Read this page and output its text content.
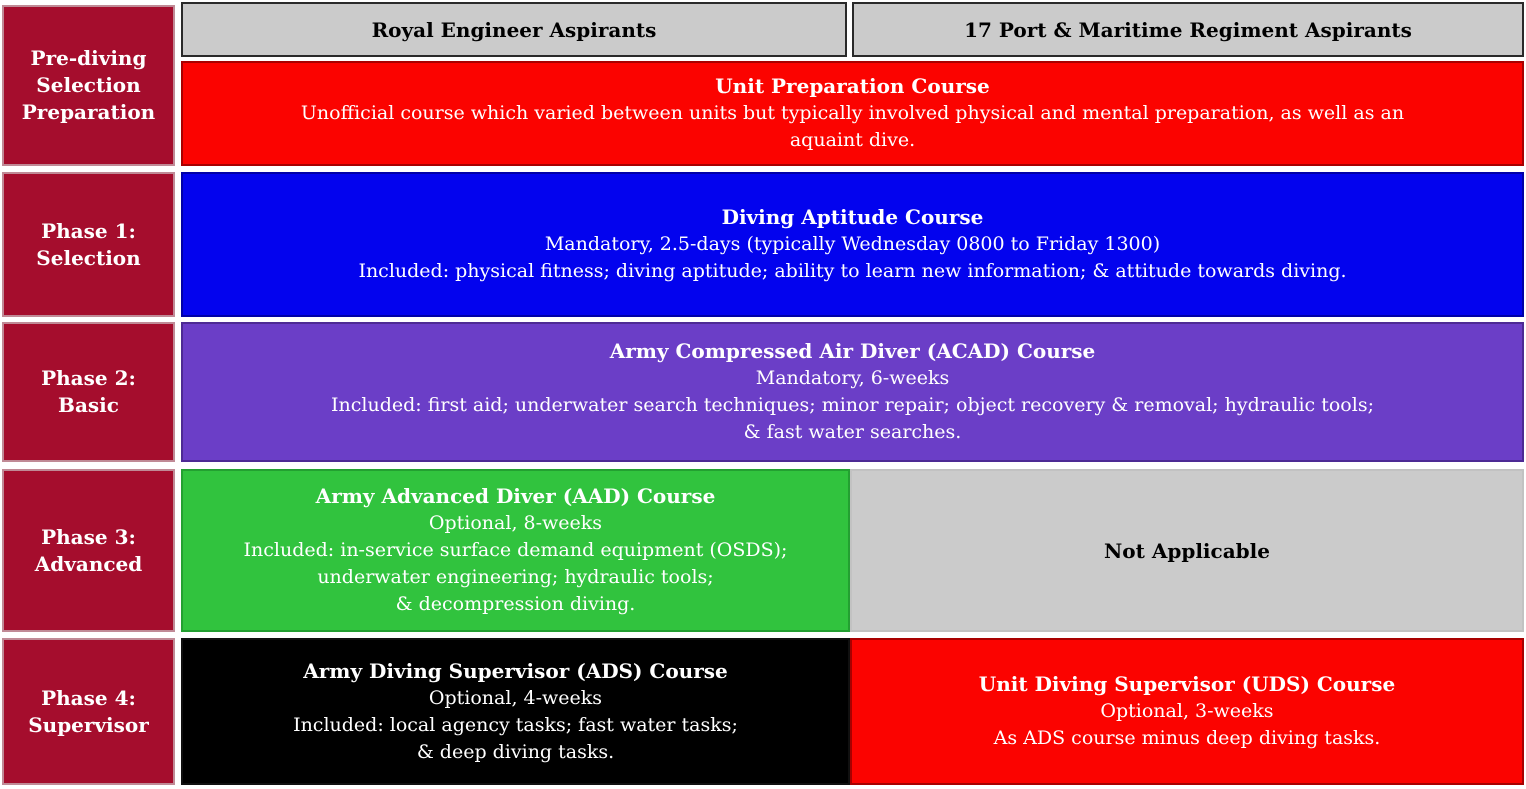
Pre-diving
Selection
Preparation
Phase 1:
Selection
Phase 2:
Basic
Phase 3:
Advanced
Phase 4:
Supervisor
Royal Engineer Aspirants	17 Port & Maritime Regiment Aspirants
Unit Preparation Course
Unofficial course which varied between units but typically involved physical and mental preparation, as well as an
aquaint dive.
Diving Aptitude Course
Mandatory, 2.5-days (typically Wednesday 0800 to Friday 1300)
Included: physical fitness; diving aptitude; ability to learn new information; & attitude towards diving.
Army Compressed Air Diver (ACAD) Course
Mandatory, 6-weeks
Included: first aid; underwater search techniques; minor repair; object recovery & removal; hydraulic tools;
& fast water searches.
Army Advanced Diver (AAD) Course
Optional, 8-weeks
Included: in-service surface demand equipment (OSDS);
underwater engineering; hydraulic tools;
& decompression diving.
Not Applicable
Army Diving Supervisor (ADS) Course
Optional, 4-weeks
Included: local agency tasks; fast water tasks;
& deep diving tasks.
Unit Diving Supervisor (UDS) Course
Optional, 3-weeks
As ADS course minus deep diving tasks.
